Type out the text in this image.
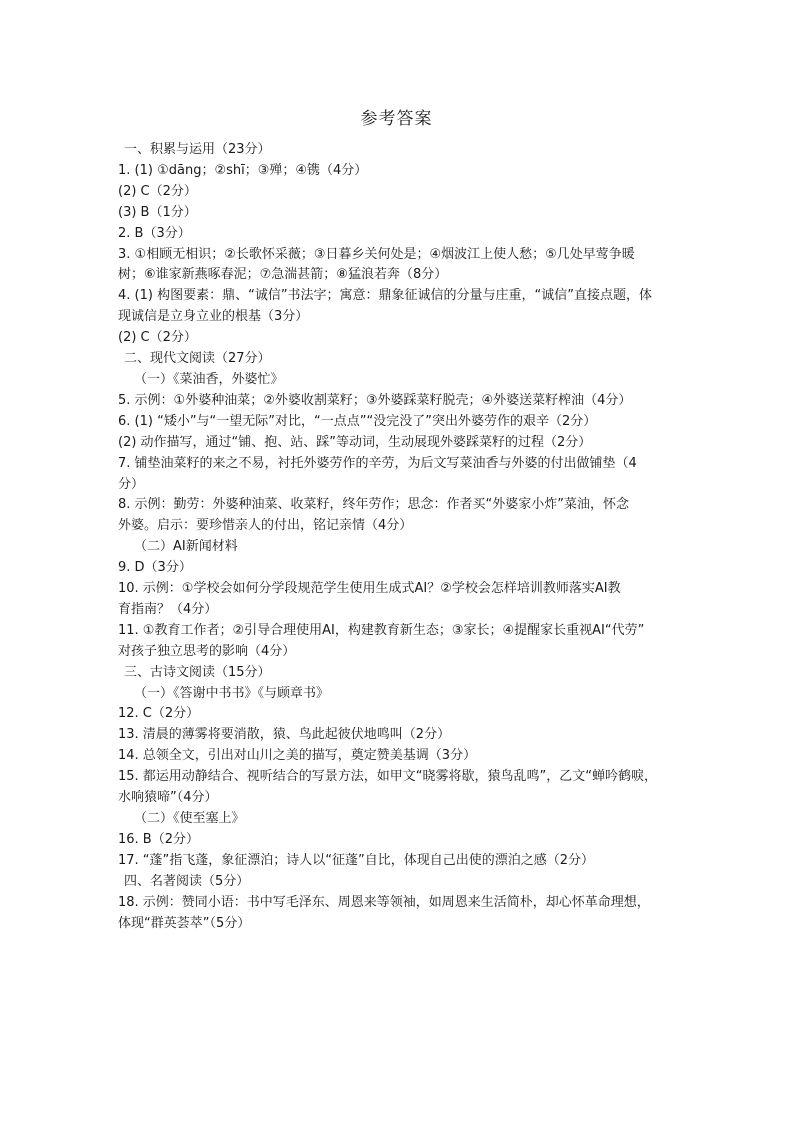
参考答案
一、积累与运用（23分）
1. (1) ①dāng；②shī；③殚；④镌（4分）
(2) C（2分）
(3) B（1分）
2. B（3分）
3. ①相顾无相识；②长歌怀采薇；③日暮乡关何处是；④烟波江上使人愁；⑤几处早莺争暖
树；⑥谁家新燕啄春泥；⑦急湍甚箭；⑧猛浪若奔（8分）
4. (1) 构图要素：鼎、“诚信”书法字；寓意：鼎象征诚信的分量与庄重，“诚信”直接点题，体
现诚信是立身立业的根基（3分）
(2) C（2分）
二、现代文阅读（27分）
（一）《菜油香，外婆忙》
5. 示例：①外婆种油菜；②外婆收割菜籽；③外婆踩菜籽脱壳；④外婆送菜籽榨油（4分）
6. (1) “矮小”与“一望无际”对比，“一点点”“没完没了”突出外婆劳作的艰辛（2分）
(2) 动作描写，通过“铺、抱、站、踩”等动词，生动展现外婆踩菜籽的过程（2分）
7. 铺垫油菜籽的来之不易，衬托外婆劳作的辛劳，为后文写菜油香与外婆的付出做铺垫（4
分）
8. 示例：勤劳：外婆种油菜、收菜籽，终年劳作；思念：作者买“外婆家小炸”菜油，怀念
外婆。启示：要珍惜亲人的付出，铭记亲情（4分）
（二）AI新闻材料
9. D（3分）
10. 示例：①学校会如何分学段规范学生使用生成式AI？②学校会怎样培训教师落实AI教
育指南？（4分）
11. ①教育工作者；②引导合理使用AI，构建教育新生态；③家长；④提醒家长重视AI“代劳”
对孩子独立思考的影响（4分）
三、古诗文阅读（15分）
（一）《答谢中书书》《与顾章书》
12. C（2分）
13. 清晨的薄雾将要消散，猿、鸟此起彼伏地鸣叫（2分）
14. 总领全文，引出对山川之美的描写，奠定赞美基调（3分）
15. 都运用动静结合、视听结合的写景方法，如甲文“晓雾将歇，猿鸟乱鸣”，乙文“蝉吟鹤唳，
水响猿啼”（4分）
（二）《使至塞上》
16. B（2分）
17. “蓬”指飞蓬，象征漂泊；诗人以“征蓬”自比，体现自己出使的漂泊之感（2分）
四、名著阅读（5分）
18. 示例：赞同小语：书中写毛泽东、周恩来等领袖，如周恩来生活简朴，却心怀革命理想，
体现“群英荟萃”（5分）
